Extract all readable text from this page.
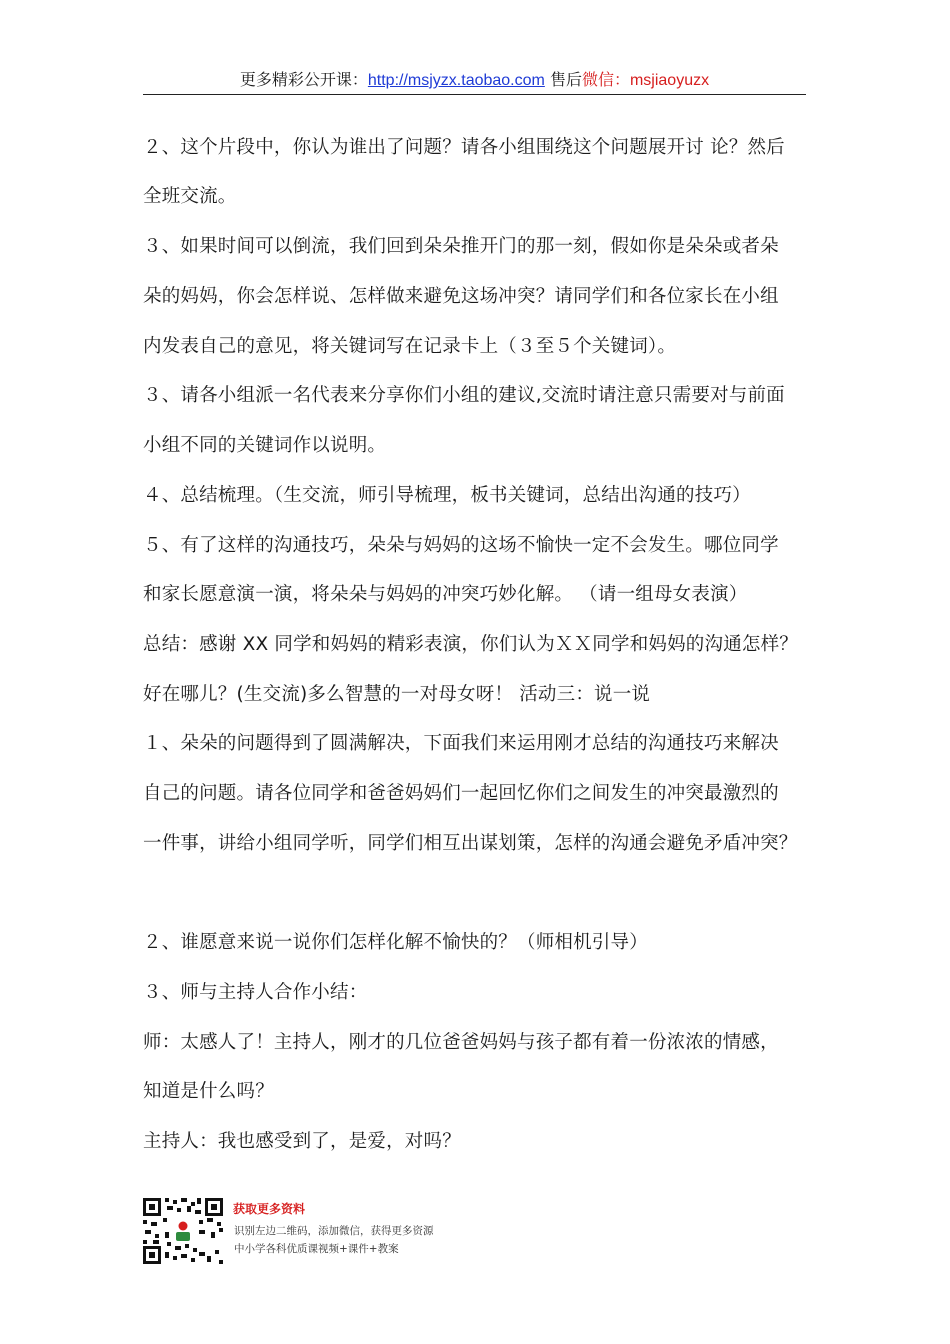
更多精彩公开课：http://msjyzx.taobao.com 售后微信：msjiaoyuzx
２、这个片段中，你认为谁出了问题？请各小组围绕这个问题展开讨 论？然后
全班交流。
３、如果时间可以倒流，我们回到朵朵推开门的那一刻，假如你是朵朵或者朵
朵的妈妈，你会怎样说、怎样做来避免这场冲突？请同学们和各位家长在小组
内发表自己的意见，将关键词写在记录卡上（３至５个关键词）。
３、请各小组派一名代表来分享你们小组的建议,交流时请注意只需要对与前面
小组不同的关键词作以说明。
４、总结梳理。（生交流，师引导梳理，板书关键词，总结出沟通的技巧）
５、有了这样的沟通技巧，朵朵与妈妈的这场不愉快一定不会发生。哪位同学
和家长愿意演一演，将朵朵与妈妈的冲突巧妙化解。 （请一组母女表演）
总结：感谢 XX 同学和妈妈的精彩表演，你们认为ＸＸ同学和妈妈的沟通怎样？
好在哪儿？(生交流)多么智慧的一对母女呀！ 活动三：说一说
１、朵朵的问题得到了圆满解决，下面我们来运用刚才总结的沟通技巧来解决
自己的问题。请各位同学和爸爸妈妈们一起回忆你们之间发生的冲突最激烈的
一件事，讲给小组同学听，同学们相互出谋划策，怎样的沟通会避免矛盾冲突？
２、谁愿意来说一说你们怎样化解不愉快的？（师相机引导）
３、师与主持人合作小结：
师：太感人了！主持人，刚才的几位爸爸妈妈与孩子都有着一份浓浓的情感，
知道是什么吗？
主持人：我也感受到了，是爱，对吗？
获取更多资料
识别左边二维码，添加微信，获得更多资源
中小学各科优质课视频+课件+教案
